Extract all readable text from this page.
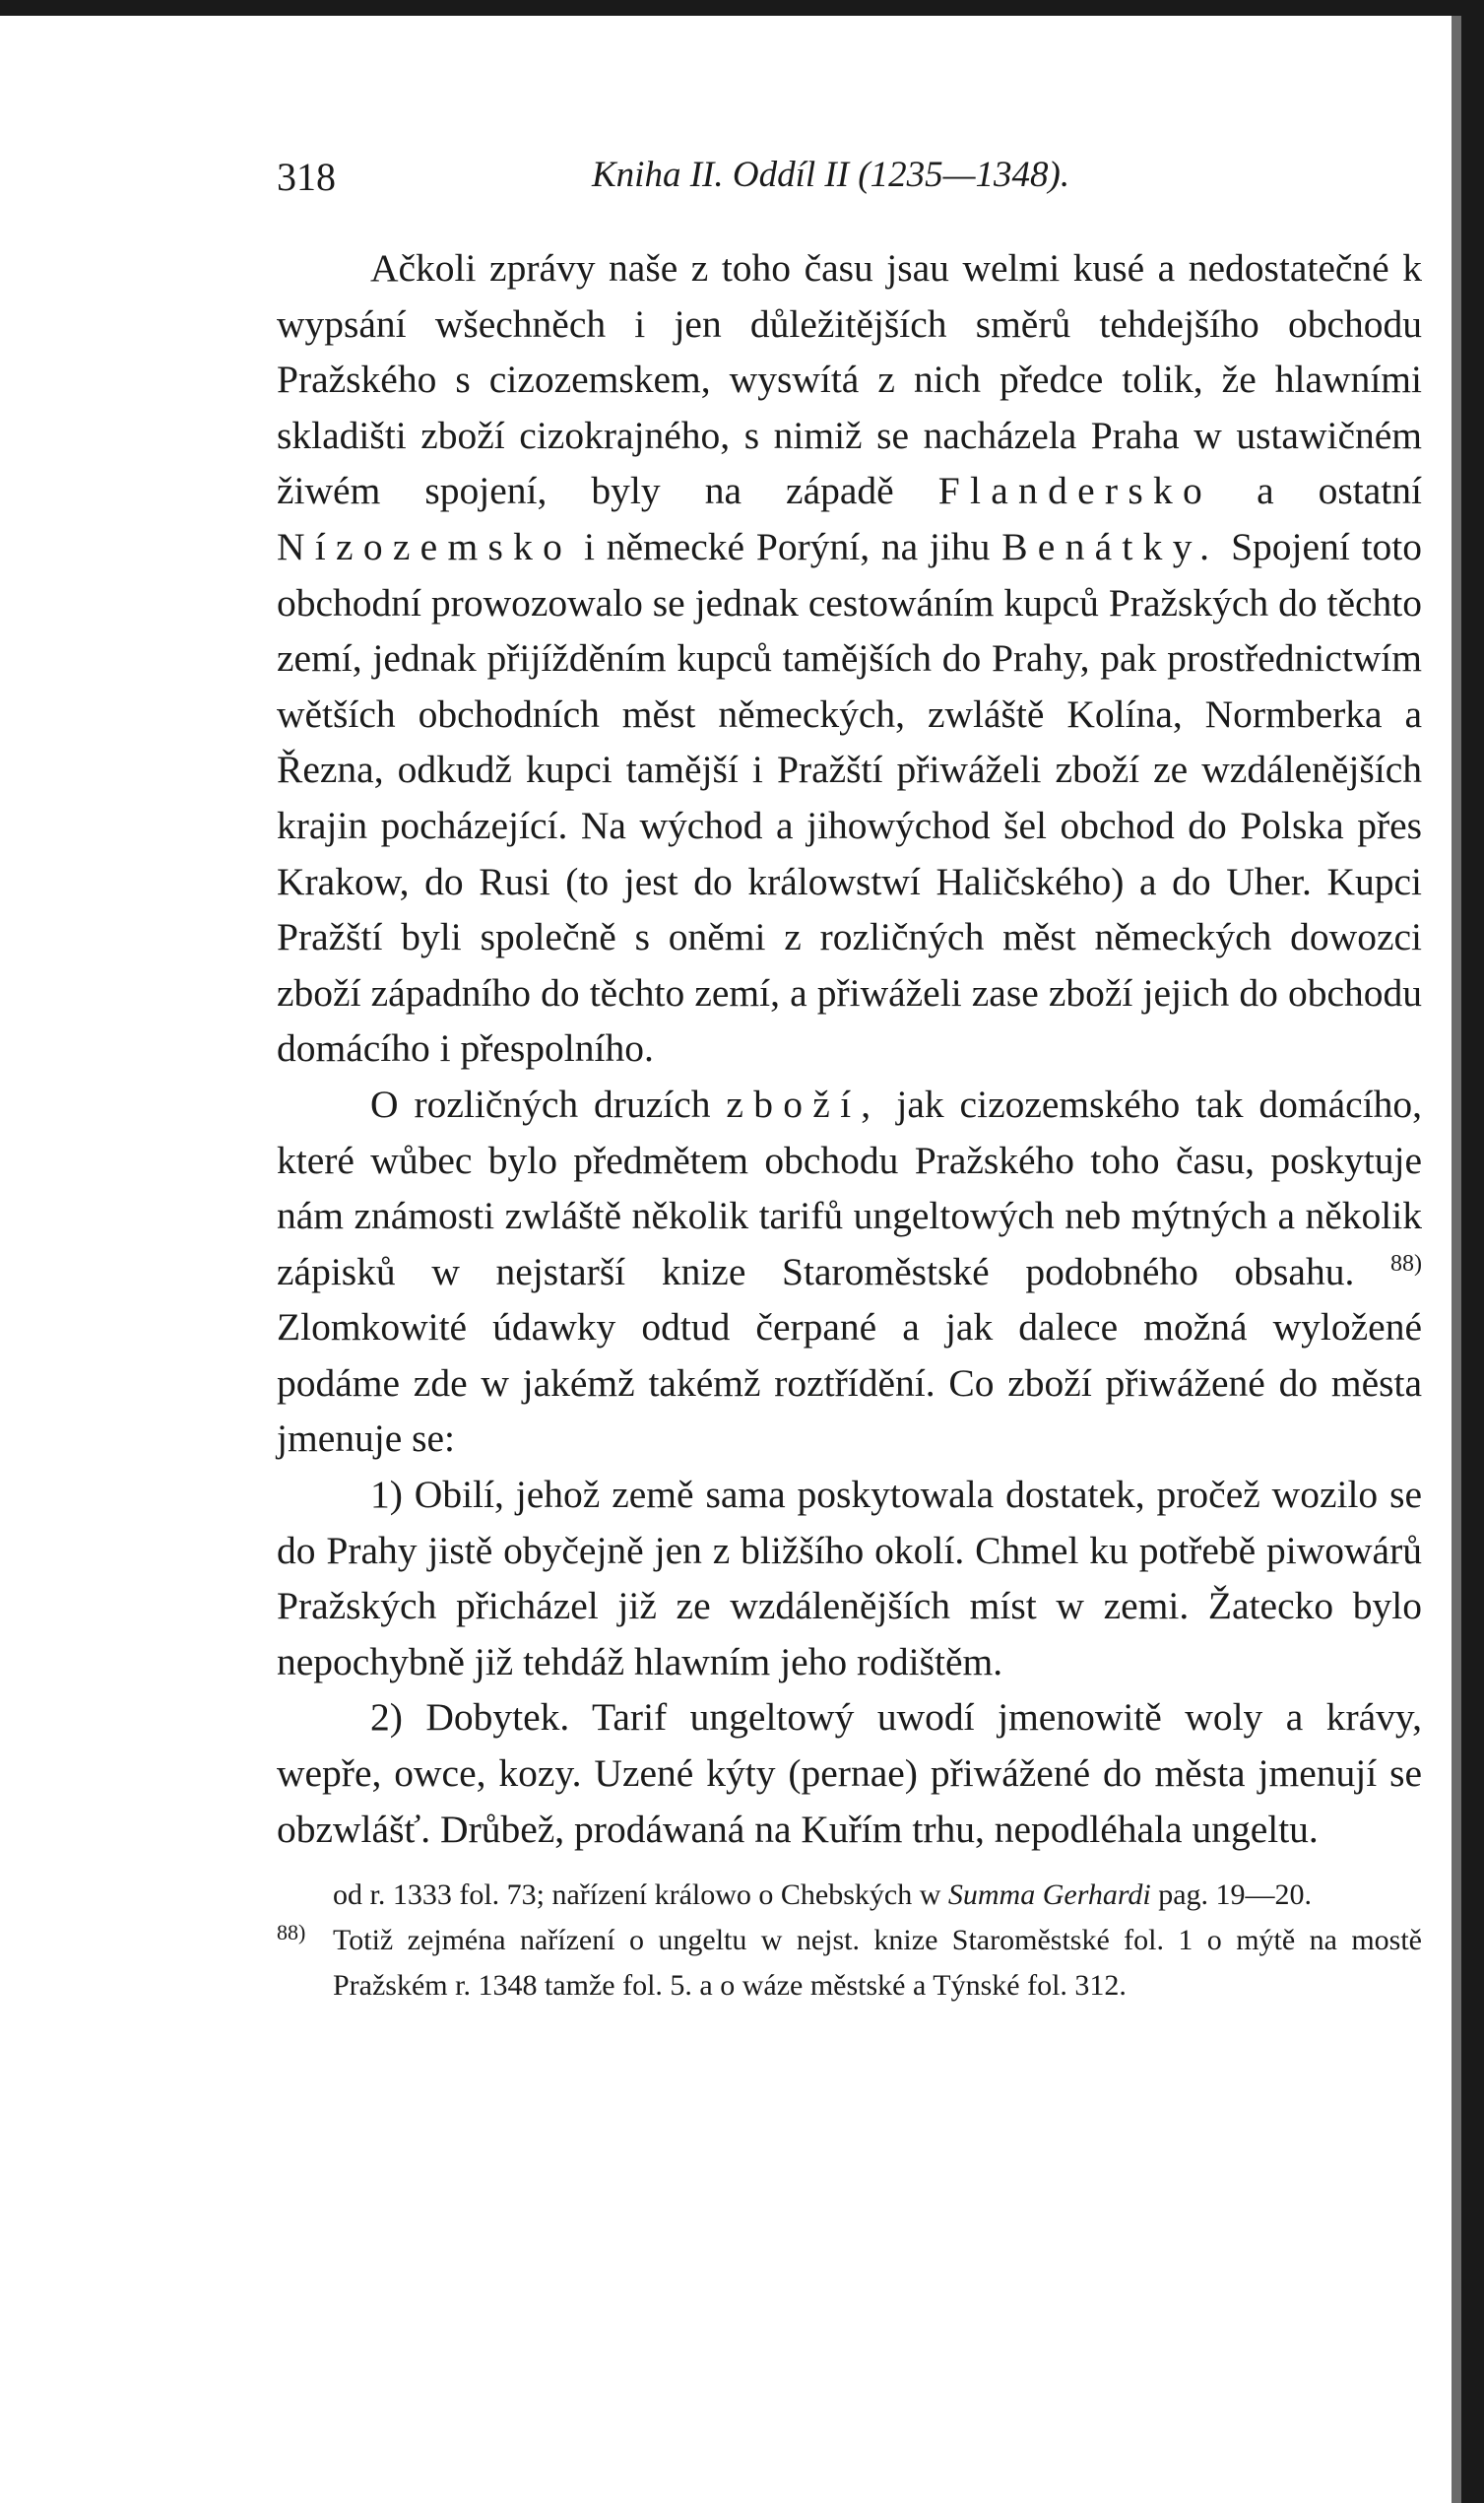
318	Kniha II. Oddíl II (1235—1348).

Ačkoli zprávy naše z toho času jsau welmi kusé a nedostatečné k wypsání wšechněch i jen důležitějších směrů tehdejšího obchodu Pražského s cizozemskem, wyswítá z nich předce tolik, že hlawními skladišti zboží cizokrajného, s nimiž se nacházela Praha w ustawičném žiwém spojení, byly na západě Flandersko a ostatní Nízozemsko i německé Porýní, na jihu Benátky. Spojení toto obchodní prowozowalo se jednak cestowáním kupců Pražských do těchto zemí, jednak přijížděním kupců tamějších do Prahy, pak prostřednictwím wětších obchodních měst německých, zwláště Kolína, Normberka a Řezna, odkudž kupci tamější i Pražští přiwáželi zboží ze wzdálenějších krajin pocházející. Na wýchod a jihowýchod šel obchod do Polska přes Krakow, do Rusi (to jest do králowstwí Haličského) a do Uher. Kupci Pražští byli společně s oněmi z rozličných měst německých dowozci zboží západního do těchto zemí, a přiwáželi zase zboží jejich do obchodu domácího i přespolního.

O rozličných druzích zboží, jak cizozemského tak domácího, které wůbec bylo předmětem obchodu Pražského toho času, poskytuje nám známosti zwláště několik tarifů ungeltowých neb mýtných a několik zápisků w nejstarší knize Staroměstské podobného obsahu. $^{88)}$ Zlomkowité údawky odtud čerpané a jak dalece možná wyložené podáme zde w jakémž takémž roztřídění. Co zboží přiwážené do města jmenuje se:

1) Obilí, jehož země sama poskytowala dostatek, pročež wozilo se do Prahy jistě obyčejně jen z bližšího okolí. Chmel ku potřebě piwowárů Pražských přicházel již ze wzdálenějších míst w zemi. Žatecko bylo nepochybně již tehdáž hlawním jeho rodištěm.

2) Dobytek. Tarif ungeltowý uwodí jmenowitě woly a krávy, wepře, owce, kozy. Uzené kýty (pernae) přiwážené do města jmenují se obzwlášť. Drůbež, prodáwaná na Kuřím trhu, nepodléhala ungeltu.

od r. 1333 fol. 73; nařízení králowo o Chebských w Summa Gerhardi pag. 19—20.

88) Totiž zejména nařízení o ungeltu w nejst. knize Staroměstské fol. 1 o mýtě na mostě Pražském r. 1348 tamže fol. 5. a o wáze městské a Týnské fol. 312.
